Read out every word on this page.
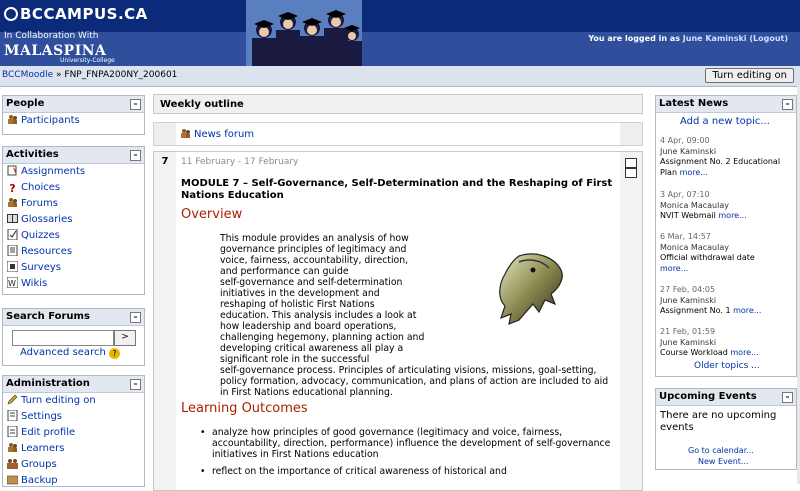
BCCAMPUS.CA
In Collaboration With
MALASPINA
University-College
You are logged in as June Kaminski (Logout)
BCCMoodle » FNP_FNPA200NY_200601	Turn editing on
People	–
Participants
Activities	–
Assignments
? Choices
Forums
Glossaries
Quizzes
Resources
Surveys
W Wikis
Search Forums	–
>
Advanced search ?
Administration	–
Turn editing on
Settings
Edit profile
Learners
Groups
Backup
Weekly outline
News forum
7	11 February - 17 February
MODULE 7 – Self-Governance, Self-Determination and the Reshaping of First Nations Education
Overview
This module provides an analysis of how
governance principles of legitimacy and
voice, fairness, accountability, direction,
and performance can guide
self-governance and self-determination
initiatives in the development and
reshaping of holistic First Nations
education. This analysis includes a look at
how leadership and board operations,
challenging hegemony, planning action and
developing critical awareness all play a
significant role in the successful
self-governance process. Principles of articulating visions, missions, goal-setting, policy formation, advocacy, communication, and plans of action are included to aid in First Nations educational planning.
Learning Outcomes
• analyze how principles of good governance (legitimacy and voice, fairness, accountability, direction, performance) influence the development of self-governance initiatives in First Nations education
• reflect on the importance of critical awareness of historical and
Latest News	–
Add a new topic...
4 Apr, 09:00
June Kaminski
Assignment No. 2 Educational Plan more...
3 Apr, 07:10
Monica Macaulay
NVIT Webmail more...
6 Mar, 14:57
Monica Macaulay
Official withdrawal date
more...
27 Feb, 04:05
June Kaminski
Assignment No. 1 more...
21 Feb, 01:59
June Kaminski
Course Workload more...
Older topics ...
Upcoming Events	–
There are no upcoming events
Go to calendar...
New Event...
